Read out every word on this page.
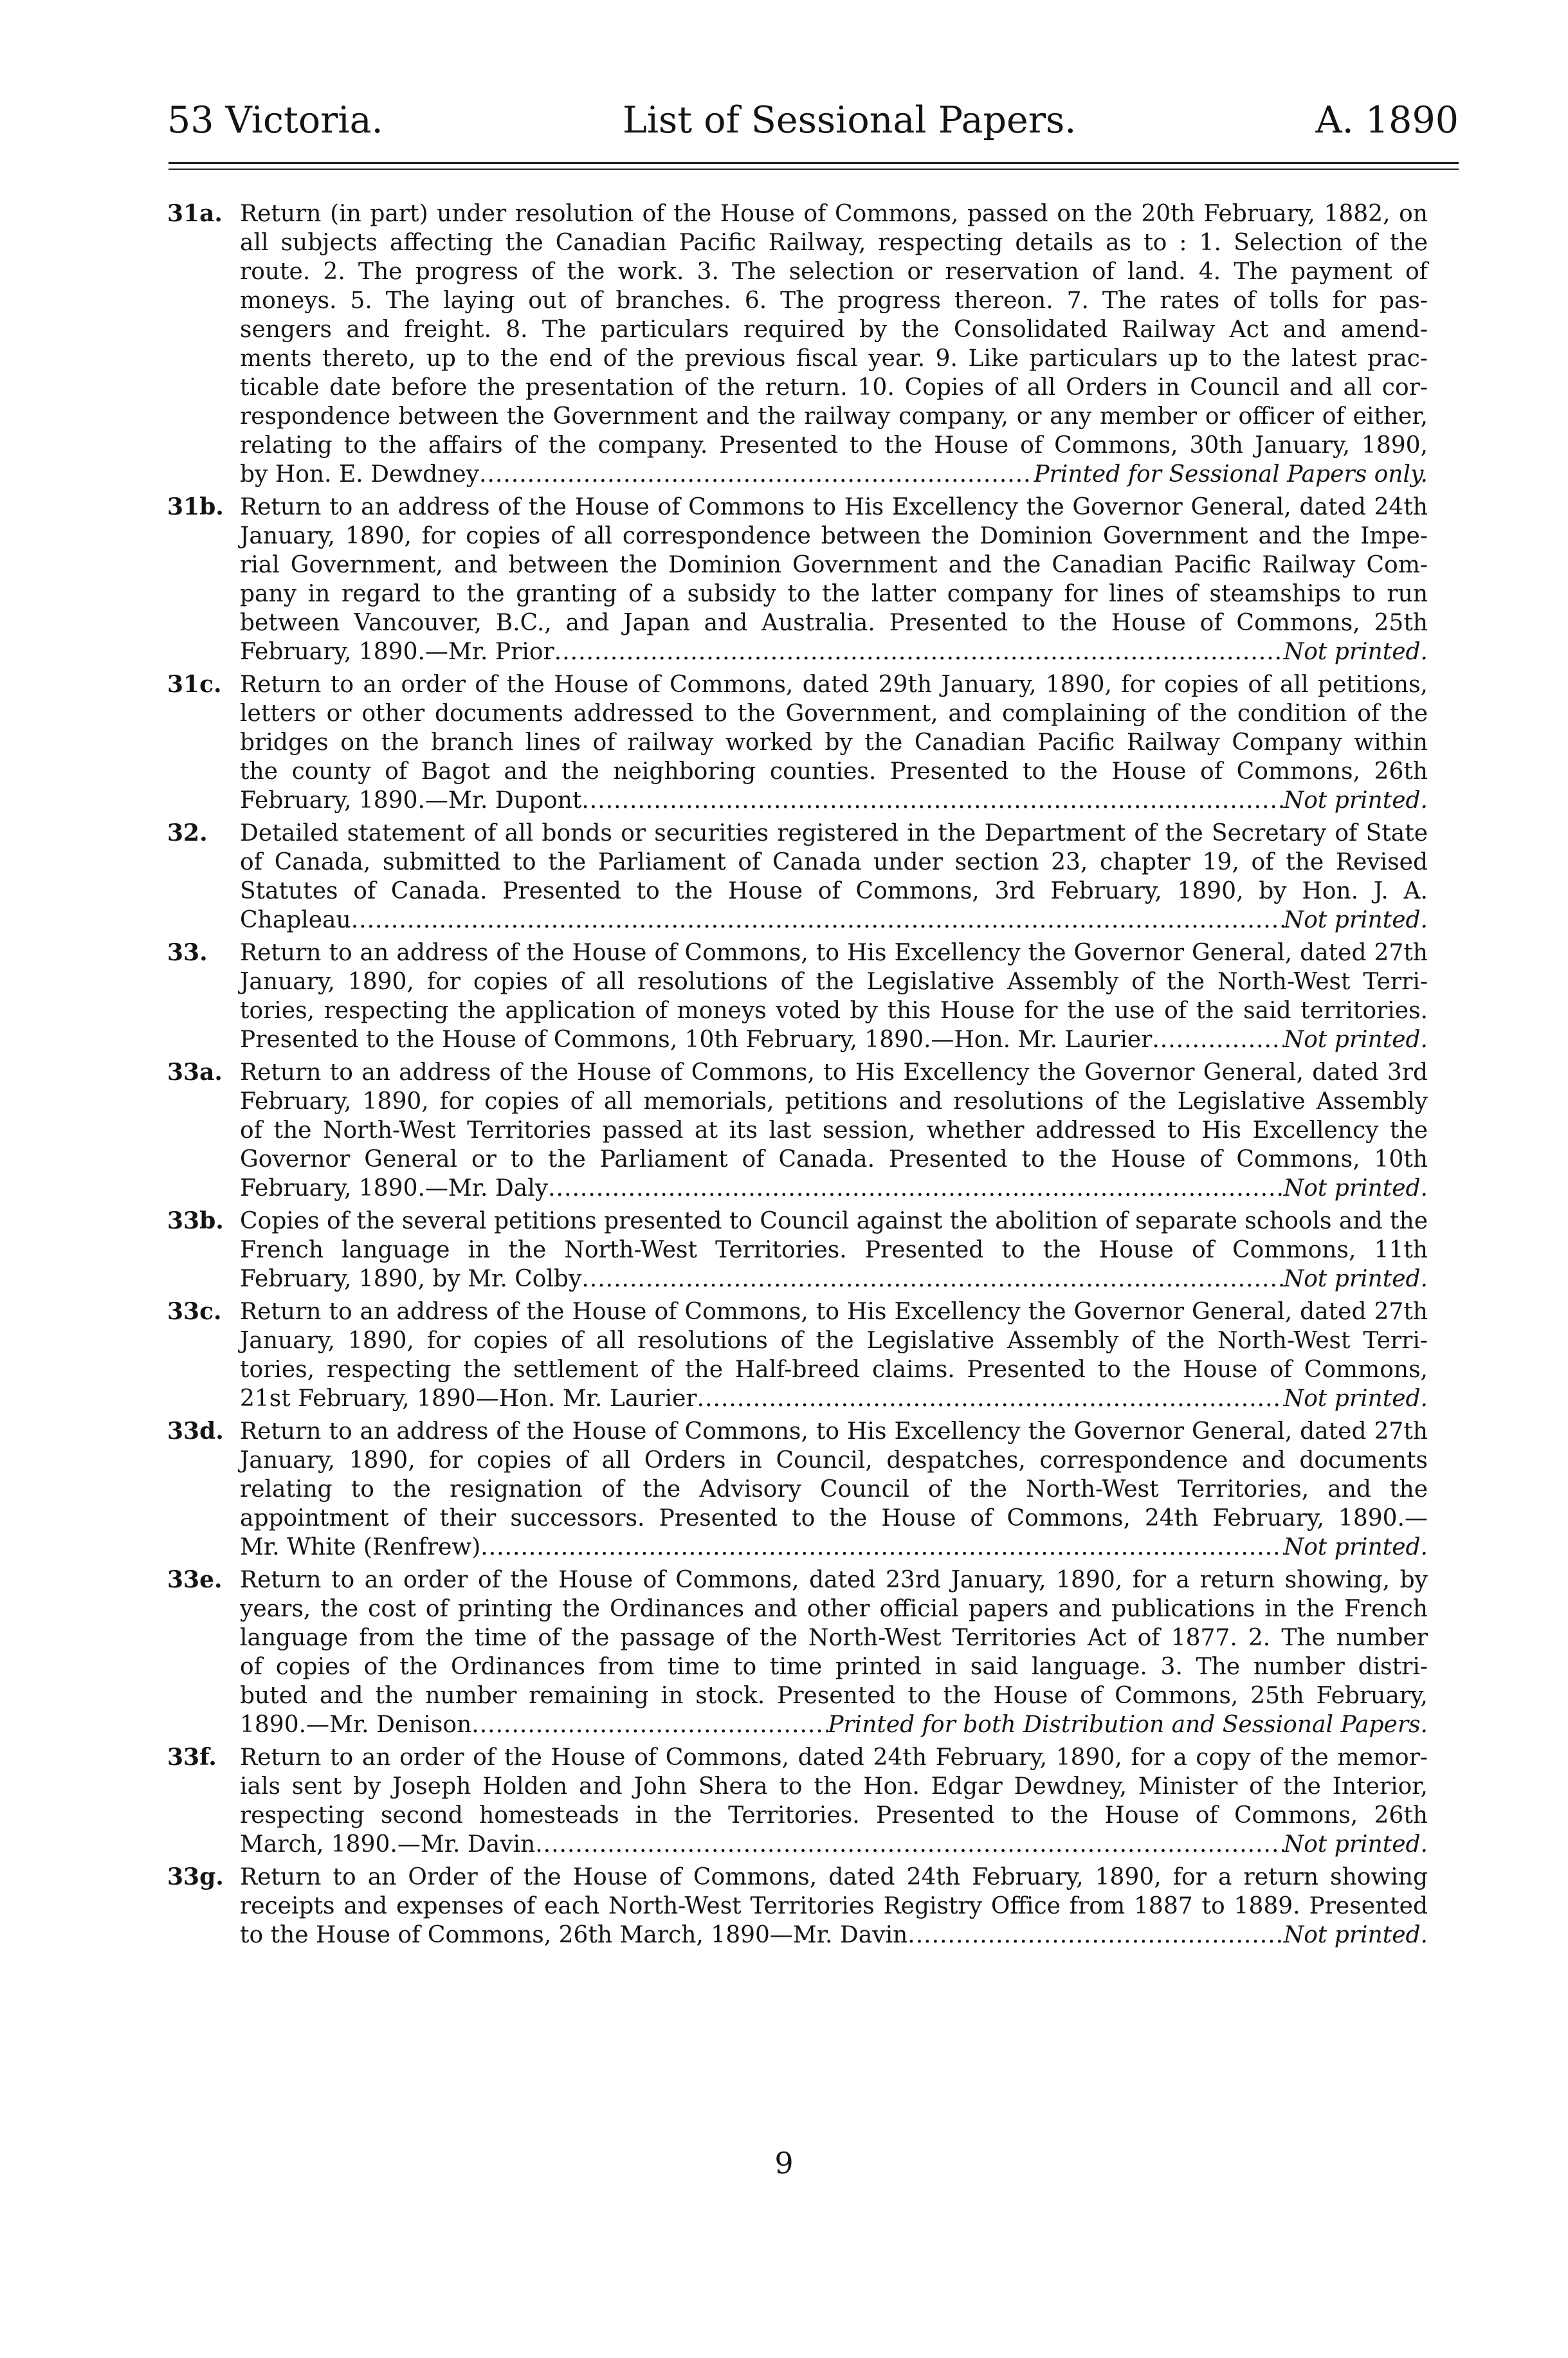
53 Victoria.	List of Sessional Papers.	A. 1890
31a. Return (in part) under resolution of the House of Commons, passed on the 20th February, 1882, on
all subjects affecting the Canadian Pacific Railway, respecting details as to : 1. Selection of the
route. 2. The progress of the work. 3. The selection or reservation of land. 4. The payment of
moneys. 5. The laying out of branches. 6. The progress thereon. 7. The rates of tolls for pas-
sengers and freight. 8. The particulars required by the Consolidated Railway Act and amend-
ments thereto, up to the end of the previous fiscal year. 9. Like particulars up to the latest prac-
ticable date before the presentation of the return. 10. Copies of all Orders in Council and all cor-
respondence between the Government and the railway company, or any member or officer of either,
relating to the affairs of the company. Presented to the House of Commons, 30th January, 1890,
by Hon. E. Dewdney .....	Printed for Sessional Papers only.
31b. Return to an address of the House of Commons to His Excellency the Governor General, dated 24th
January, 1890, for copies of all correspondence between the Dominion Government and the Impe-
rial Government, and between the Dominion Government and the Canadian Pacific Railway Com-
pany in regard to the granting of a subsidy to the latter company for lines of steamships to run
between Vancouver, B.C., and Japan and Australia. Presented to the House of Commons, 25th
February, 1890.—Mr. Prior .....	Not printed.
31c. Return to an order of the House of Commons, dated 29th January, 1890, for copies of all petitions,
letters or other documents addressed to the Government, and complaining of the condition of the
bridges on the branch lines of railway worked by the Canadian Pacific Railway Company within
the county of Bagot and the neighboring counties. Presented to the House of Commons, 26th
February, 1890.—Mr. Dupont .....	Not printed.
32. Detailed statement of all bonds or securities registered in the Department of the Secretary of State
of Canada, submitted to the Parliament of Canada under section 23, chapter 19, of the Revised
Statutes of Canada. Presented to the House of Commons, 3rd February, 1890, by Hon. J. A.
Chapleau .....	Not printed.
33. Return to an address of the House of Commons, to His Excellency the Governor General, dated 27th
January, 1890, for copies of all resolutions of the Legislative Assembly of the North-West Terri-
tories, respecting the application of moneys voted by this House for the use of the said territories.
Presented to the House of Commons, 10th February, 1890.—Hon. Mr. Laurier .....	Not printed.
33a. Return to an address of the House of Commons, to His Excellency the Governor General, dated 3rd
February, 1890, for copies of all memorials, petitions and resolutions of the Legislative Assembly
of the North-West Territories passed at its last session, whether addressed to His Excellency the
Governor General or to the Parliament of Canada. Presented to the House of Commons, 10th
February, 1890.—Mr. Daly .....	Not printed.
33b. Copies of the several petitions presented to Council against the abolition of separate schools and the
French language in the North-West Territories. Presented to the House of Commons, 11th
February, 1890, by Mr. Colby .....	Not printed.
33c. Return to an address of the House of Commons, to His Excellency the Governor General, dated 27th
January, 1890, for copies of all resolutions of the Legislative Assembly of the North-West Terri-
tories, respecting the settlement of the Half-breed claims. Presented to the House of Commons,
21st February, 1890—Hon. Mr. Laurier .....	Not printed.
33d. Return to an address of the House of Commons, to His Excellency the Governor General, dated 27th
January, 1890, for copies of all Orders in Council, despatches, correspondence and documents
relating to the resignation of the Advisory Council of the North-West Territories, and the
appointment of their successors. Presented to the House of Commons, 24th February, 1890.—
Mr. White (Renfrew) .....	Not printed.
33e. Return to an order of the House of Commons, dated 23rd January, 1890, for a return showing, by
years, the cost of printing the Ordinances and other official papers and publications in the French
language from the time of the passage of the North-West Territories Act of 1877. 2. The number
of copies of the Ordinances from time to time printed in said language. 3. The number distri-
buted and the number remaining in stock. Presented to the House of Commons, 25th February,
1890.—Mr. Denison .....	Printed for both Distribution and Sessional Papers.
33f. Return to an order of the House of Commons, dated 24th February, 1890, for a copy of the memor-
ials sent by Joseph Holden and John Shera to the Hon. Edgar Dewdney, Minister of the Interior,
respecting second homesteads in the Territories. Presented to the House of Commons, 26th
March, 1890.—Mr. Davin .....	Not printed.
33g. Return to an Order of the House of Commons, dated 24th February, 1890, for a return showing
receipts and expenses of each North-West Territories Registry Office from 1887 to 1889. Presented
to the House of Commons, 26th March, 1890—Mr. Davin .....	Not printed.
9
